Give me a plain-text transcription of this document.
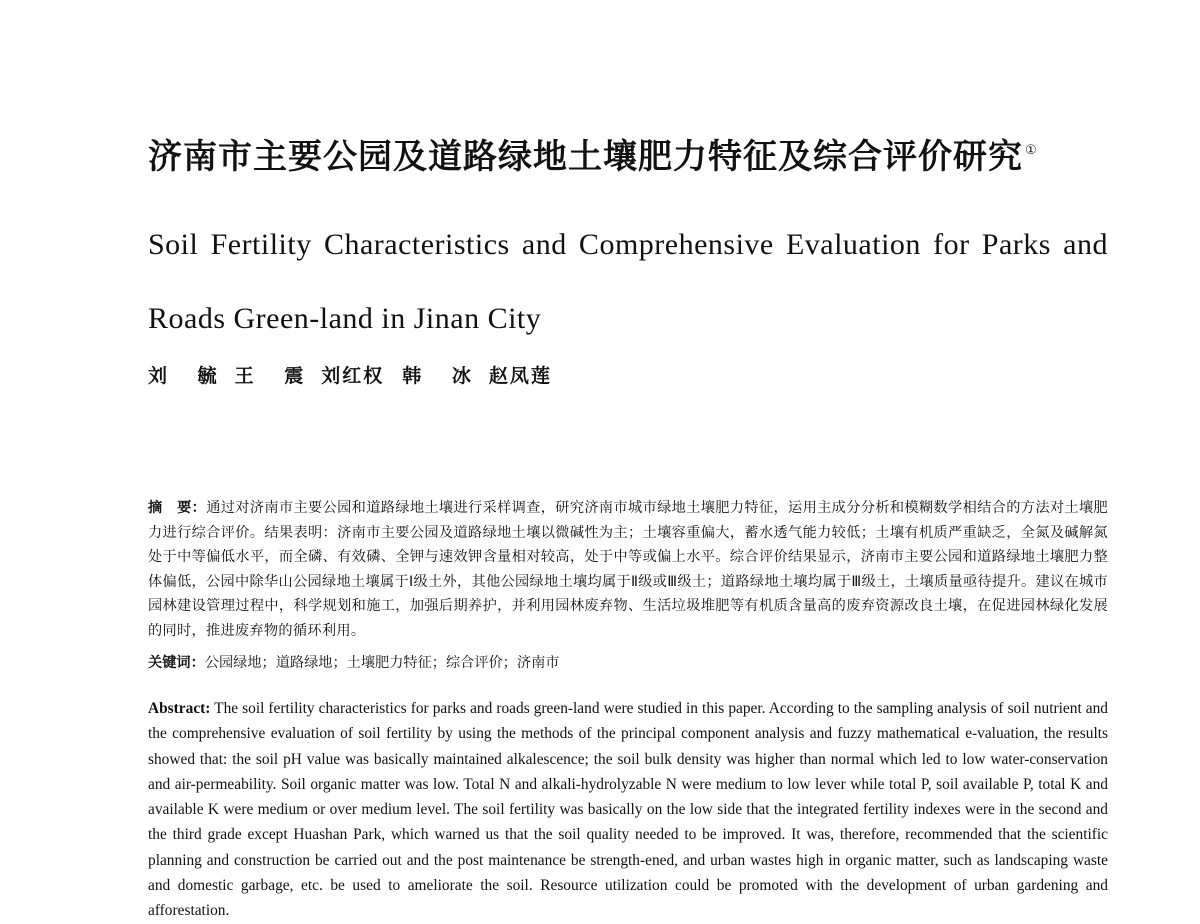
济南市主要公园及道路绿地土壤肥力特征及综合评价研究 ①
Soil Fertility Characteristics and Comprehensive Evaluation for Parks and
Roads Green-land in Jinan City
刘 毓 王 震 刘红权 韩 冰 赵凤莲
摘　要：通过对济南市主要公园和道路绿地土壤进行采样调查，研究济南市城市绿地土壤肥力特征，运用主成分分析和模糊数学相结合的方法对土壤肥力进行综合评价。结果表明：济南市主要公园及道路绿地土壤以微碱性为主；土壤容重偏大，蓄水透气能力较低；土壤有机质严重缺乏，全氮及碱解氮处于中等偏低水平，而全磷、有效磷、全钾与速效钾含量相对较高，处于中等或偏上水平。综合评价结果显示，济南市主要公园和道路绿地土壤肥力整体偏低，公园中除华山公园绿地土壤属于Ⅰ级土外，其他公园绿地土壤均属于Ⅱ级或Ⅲ级土；道路绿地土壤均属于Ⅲ级土，土壤质量亟待提升。建议在城市园林建设管理过程中，科学规划和施工，加强后期养护，并利用园林废弃物、生活垃圾堆肥等有机质含量高的废弃资源改良土壤，在促进园林绿化发展的同时，推进废弃物的循环利用。
关键词：公园绿地；道路绿地；土壤肥力特征；综合评价；济南市
Abstract: The soil fertility characteristics for parks and roads green-land were studied in this paper. According to the sampling analysis of soil nutrient and the comprehensive evaluation of soil fertility by using the methods of the principal component analysis and fuzzy mathematical e-valuation, the results showed that: the soil pH value was basically maintained alkalescence; the soil bulk density was higher than normal which led to low water-conservation and air-permeability. Soil organic matter was low. Total N and alkali-hydrolyzable N were medium to low lever while total P, soil available P, total K and available K were medium or over medium level. The soil fertility was basically on the low side that the integrated fertility indexes were in the second and the third grade except Huashan Park, which warned us that the soil quality needed to be improved. It was, therefore, recommended that the scientific planning and construction be carried out and the post maintenance be strength-ened, and urban wastes high in organic matter, such as landscaping waste and domestic garbage, etc. be used to ameliorate the soil. Resource utilization could be promoted with the development of urban gardening and afforestation.
